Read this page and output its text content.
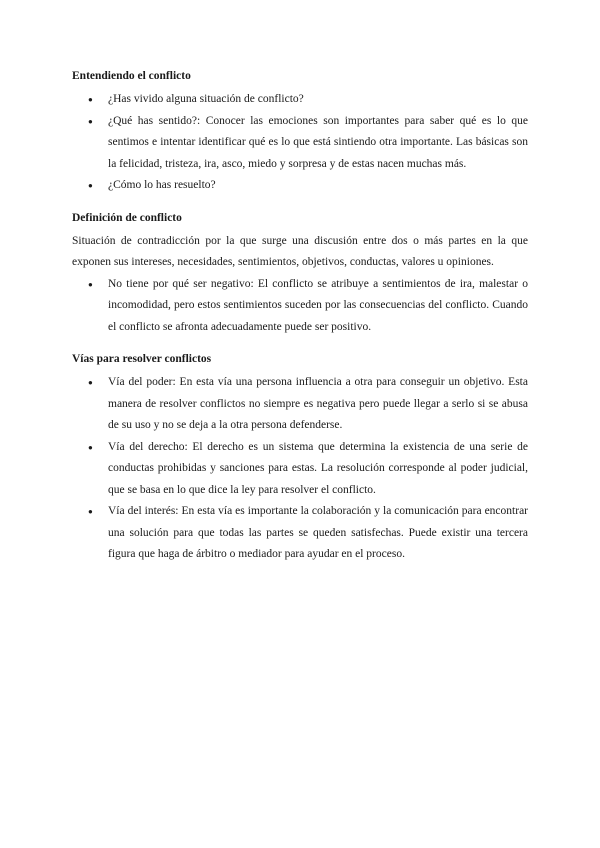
Entendiendo el conflicto
● ¿Has vivido alguna situación de conflicto?
● ¿Qué has sentido?: Conocer las emociones son importantes para saber qué es lo que sentimos e intentar identificar qué es lo que está sintiendo otra importante. Las básicas son la felicidad, tristeza, ira, asco, miedo y sorpresa y de estas nacen muchas más.
● ¿Cómo lo has resuelto?
Definición de conflicto

Situación de contradicción por la que surge una discusión entre dos o más partes en la que exponen sus intereses, necesidades, sentimientos, objetivos, conductas, valores u opiniones.

● No tiene por qué ser negativo: El conflicto se atribuye a sentimientos de ira, malestar o incomodidad, pero estos sentimientos suceden por las consecuencias del conflicto. Cuando el conflicto se afronta adecuadamente puede ser positivo.
Vías para resolver conflictos
● Vía del poder: En esta vía una persona influencia a otra para conseguir un objetivo. Esta manera de resolver conflictos no siempre es negativa pero puede llegar a serlo si se abusa de su uso y no se deja a la otra persona defenderse.
● Vía del derecho: El derecho es un sistema que determina la existencia de una serie de conductas prohibidas y sanciones para estas. La resolución corresponde al poder judicial, que se basa en lo que dice la ley para resolver el conflicto.
● Vía del interés: En esta vía es importante la colaboración y la comunicación para encontrar una solución para que todas las partes se queden satisfechas. Puede existir una tercera figura que haga de árbitro o mediador para ayudar en el proceso.
